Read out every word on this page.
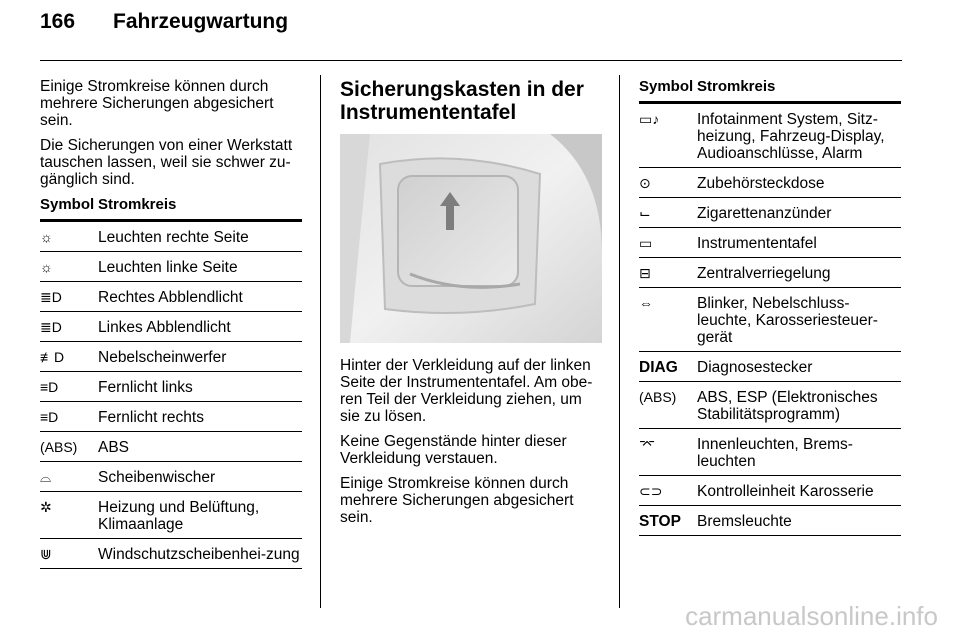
166 Fahrzeugwartung

Einige Stromkreise können durch mehrere Sicherungen abgesichert sein.

Die Sicherungen von einer Werkstatt tauschen lassen, weil sie schwer zu-gänglich sind.

Symbol Stromkreis
☼	Leuchten rechte Seite
☼	Leuchten linke Seite
≣D	Rechtes Abblendlicht
≣D	Linkes Abblendlicht
≢D	Nebelscheinwerfer
≡D	Fernlicht links
≡D	Fernlicht rechts
(ABS)	ABS
⌓	Scheibenwischer
✲	Heizung und Belüftung, Klimaanlage
⋓	Windschutzscheibenhei-zung
Sicherungskasten in der Instrumententafel

Hinter der Verkleidung auf der linken Seite der Instrumententafel. Am obe-ren Teil der Verkleidung ziehen, um sie zu lösen.

Keine Gegenstände hinter dieser Verkleidung verstauen.

Einige Stromkreise können durch mehrere Sicherungen abgesichert sein.

Symbol Stromkreis
▭♪	Infotainment System, Sitz-heizung, Fahrzeug-Display, Audioanschlüsse, Alarm
⊙	Zubehörsteckdose
⌙	Zigarettenanzünder
▭	Instrumententafel
⊟	Zentralverriegelung
⇔	Blinker, Nebelschluss-leuchte, Karosseriesteuer-gerät
DIAG	Diagnosestecker
(ABS)	ABS, ESP (Elektronisches Stabilitätsprogramm)
⌤	Innenleuchten, Brems-leuchten
⊂⊃	Kontrolleinheit Karosserie
STOP	Bremsleuchte
carmanualsonline.info
